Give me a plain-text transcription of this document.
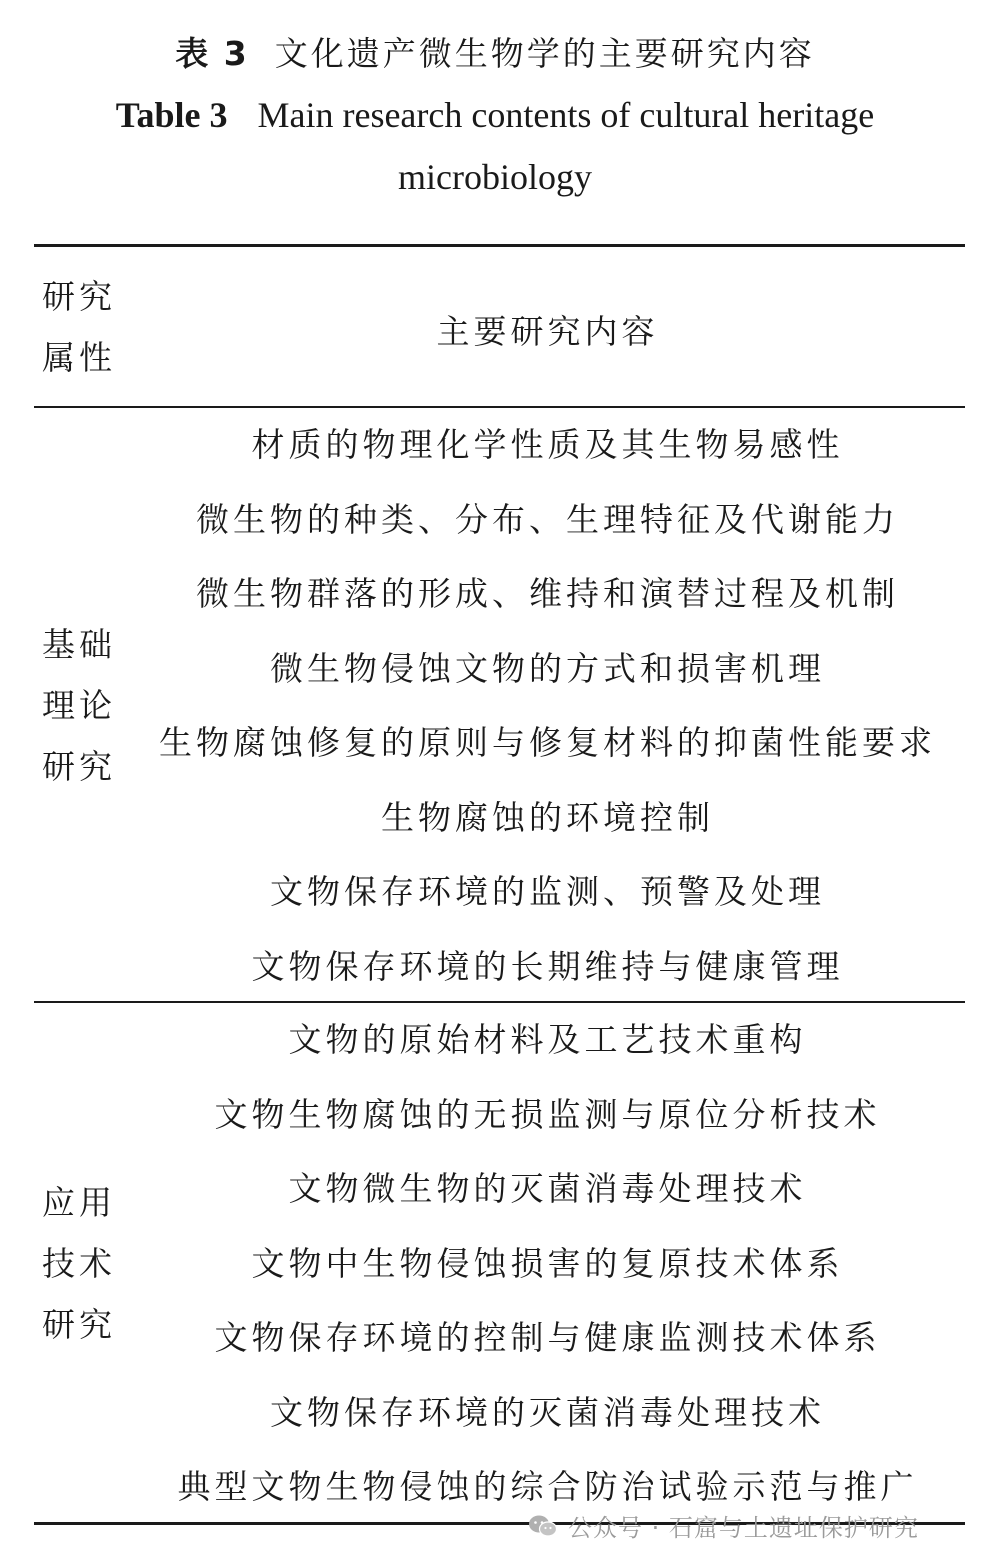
表 3 文化遗产微生物学的主要研究内容
Table 3 Main research contents of cultural heritage
microbiology
研究
属性
主要研究内容
基础
理论
研究
材质的物理化学性质及其生物易感性
微生物的种类、分布、生理特征及代谢能力
微生物群落的形成、维持和演替过程及机制
微生物侵蚀文物的方式和损害机理
生物腐蚀修复的原则与修复材料的抑菌性能要求
生物腐蚀的环境控制
文物保存环境的监测、预警及处理
文物保存环境的长期维持与健康管理
应用
技术
研究
文物的原始材料及工艺技术重构
文物生物腐蚀的无损监测与原位分析技术
文物微生物的灭菌消毒处理技术
文物中生物侵蚀损害的复原技术体系
文物保存环境的控制与健康监测技术体系
文物保存环境的灭菌消毒处理技术
典型文物生物侵蚀的综合防治试验示范与推广
公众号 · 石窟与土遗址保护研究
